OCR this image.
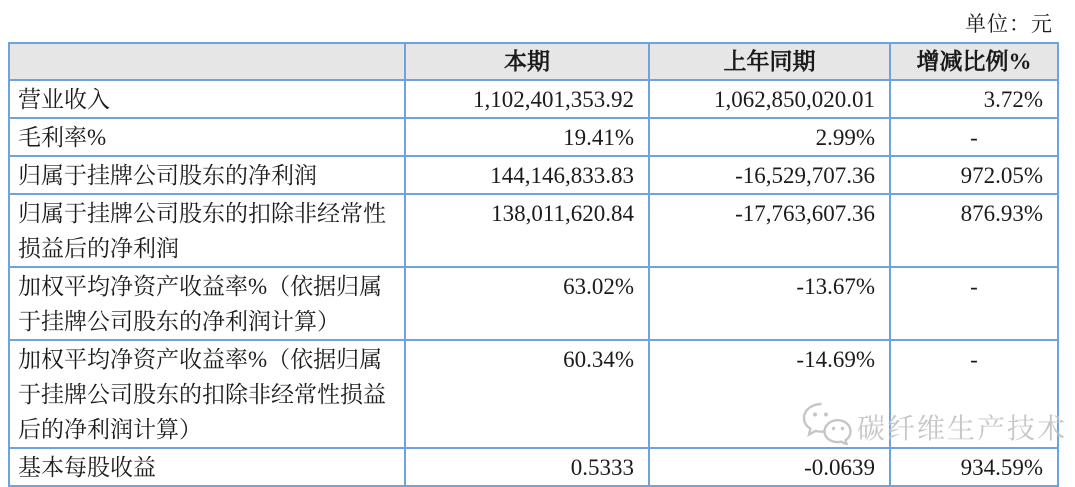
单位：元
	本期	上年同期	增减比例%
营业收入	1,102,401,353.92	1,062,850,020.01	3.72%
毛利率%	19.41%	2.99%	-
归属于挂牌公司股东的净利润	144,146,833.83	-16,529,707.36	972.05%
归属于挂牌公司股东的扣除非经常性损益后的净利润	138,011,620.84	-17,763,607.36	876.93%
加权平均净资产收益率%（依据归属于挂牌公司股东的净利润计算）	63.02%	-13.67%	-
加权平均净资产收益率%（依据归属于挂牌公司股东的扣除非经常性损益后的净利润计算）	60.34%	-14.69%	-
基本每股收益	0.5333	-0.0639	934.59%
碳纤维生产技术
